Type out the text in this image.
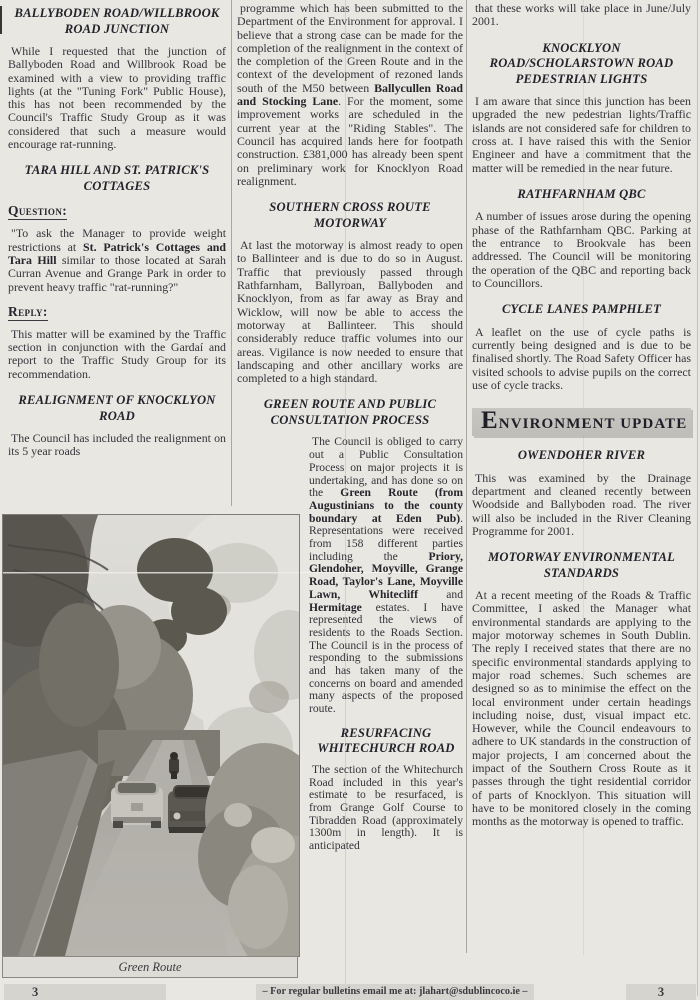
BALLYBODEN ROAD/WILLBROOK ROAD JUNCTION

While I requested that the junction of Ballyboden Road and Willbrook Road be examined with a view to providing traffic lights (at the "Tuning Fork" Public House), this has not been recommended by the Council's Traffic Study Group as it was considered that such a measure would encourage rat-running.

TARA HILL AND ST. PATRICK'S COTTAGES
Question:

"To ask the Manager to provide weight restrictions at St. Patrick's Cottages and Tara Hill similar to those located at Sarah Curran Avenue and Grange Park in order to prevent heavy traffic "rat-running?"

Reply:

This matter will be examined by the Traffic section in conjunction with the Gardaí and report to the Traffic Study Group for its recommendation.

REALIGNMENT OF KNOCKLYON ROAD

The Council has included the realignment on its 5 year roads

programme which has been submitted to the Department of the Environment for approval. I believe that a strong case can be made for the completion of the realignment in the context of the completion of the Green Route and in the context of the development of rezoned lands south of the M50 between Ballycullen Road and Stocking Lane. For the moment, some improvement works are scheduled in the current year at the "Riding Stables". The Council has acquired lands here for footpath construction. £381,000 has already been spent on preliminary work for Knocklyon Road realignment.

SOUTHERN CROSS ROUTE MOTORWAY

At last the motorway is almost ready to open to Ballinteer and is due to do so in August. Traffic that previously passed through Rathfarnham, Ballyroan, Ballyboden and Knocklyon, from as far away as Bray and Wicklow, will now be able to access the motorway at Ballinteer. This should considerably reduce traffic volumes into our areas. Vigilance is now needed to ensure that landscaping and other ancillary works are completed to a high standard.

GREEN ROUTE AND PUBLIC CONSULTATION PROCESS

The Council is obliged to carry out a Public Consultation Process on major projects it is undertaking, and has done so on the Green Route (from Augustinians to the county boundary at Eden Pub). Representations were received from 158 different parties including the Priory, Glendoher, Moyville, Grange Road, Taylor's Lane, Moyville Lawn, Whitecliff and Hermitage estates. I have represented the views of residents to the Roads Section. The Council is in the process of responding to the submissions and has taken many of the concerns on board and amended many aspects of the proposed route.

RESURFACING WHITECHURCH ROAD

The section of the Whitechurch Road included in this year's estimate to be resurfaced, is from Grange Golf Course to Tibradden Road (approximately 1300m in length). It is anticipated

that these works will take place in June/July 2001.

KNOCKLYON ROAD/SCHOLARSTOWN ROAD PEDESTRIAN LIGHTS

I am aware that since this junction has been upgraded the new pedestrian lights/Traffic islands are not considered safe for children to cross at. I have raised this with the Senior Engineer and have a commitment that the matter will be remedied in the near future.

RATHFARNHAM QBC

A number of issues arose during the opening phase of the Rathfarnham QBC. Parking at the entrance to Brookvale has been addressed. The Council will be monitoring the operation of the QBC and reporting back to Councillors.

CYCLE LANES PAMPHLET

A leaflet on the use of cycle paths is currently being designed and is due to be finalised shortly. The Road Safety Officer has visited schools to advise pupils on the correct use of cycle tracks.

ENVIRONMENT UPDATE
OWENDOHER RIVER

This was examined by the Drainage department and cleaned recently between Woodside and Ballyboden road. The river will also be included in the River Cleaning Programme for 2001.

MOTORWAY ENVIRONMENTAL STANDARDS

At a recent meeting of the Roads & Traffic Committee, I asked the Manager what environmental standards are applying to the major motorway schemes in South Dublin. The reply I received states that there are no specific environmental standards applying to major road schemes. Such schemes are designed so as to minimise the effect on the local environment under certain headings including noise, dust, visual impact etc. However, while the Council endeavours to adhere to UK standards in the construction of major projects, I am concerned about the impact of the Southern Cross Route as it passes through the tight residential corridor of parts of Knocklyon. This situation will have to be monitored closely in the coming months as the motorway is opened to traffic.

Green Route
3	– For regular bulletins email me at: jlahart@sdublincoco.ie –	3
